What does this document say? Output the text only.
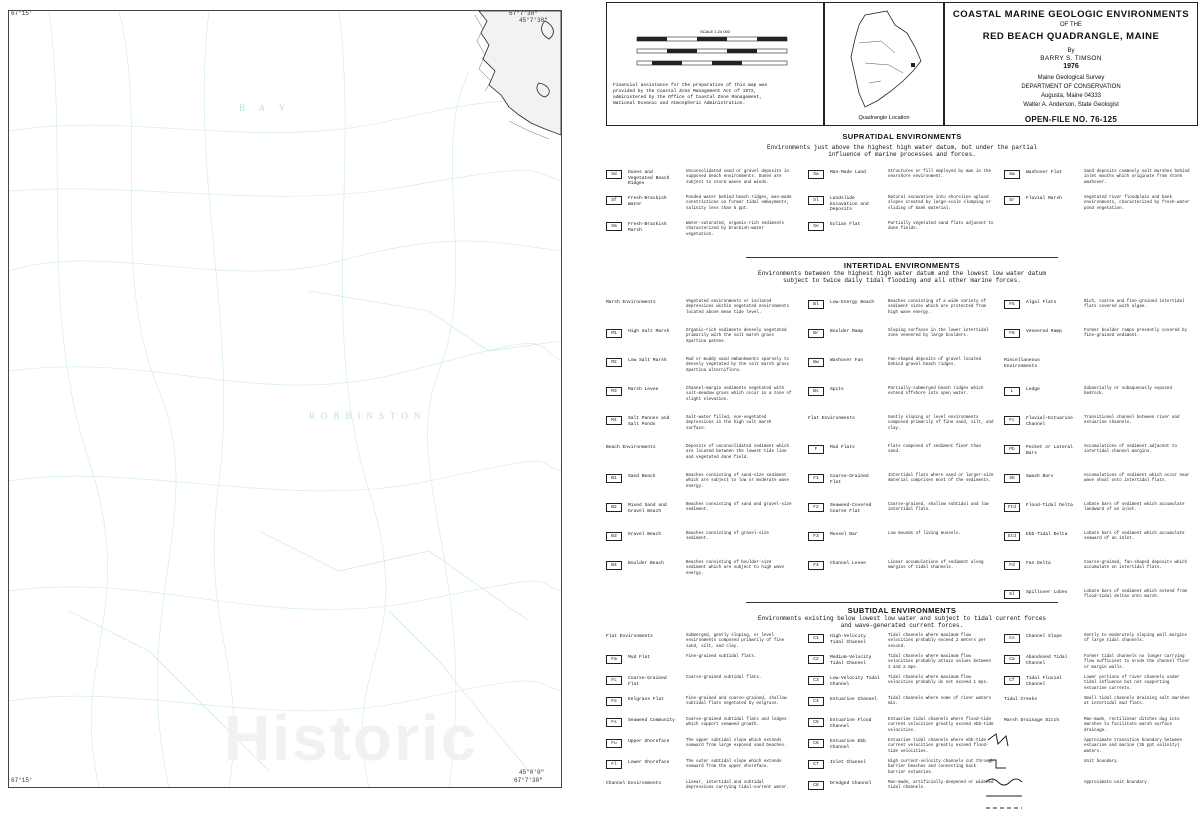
67°15'	67°7'30"
45°7'30"
67°15'
45°0'0"
67°7'30"
B A Y
ROBBINSTON
Historic
SCALE 1:24 000
Financial assistance for the preparation of this map was provided by the Coastal Zone Management Act of 1972, administered by the Office of Coastal Zone Management, National Oceanic and Atmospheric Administration.
Quadrangle Location
COASTAL MARINE GEOLOGIC ENVIRONMENTS
OF THE
RED BEACH QUADRANGLE, MAINE
By
BARRY S. TIMSON
1976
Maine Geological Survey
DEPARTMENT OF CONSERVATION
Augusta, Maine 04333
Walter A. Anderson, State Geologist
OPEN-FILE NO. 76-125
SUPRATIDAL ENVIRONMENTS
Environments just above the highest high water datum, but under the partial influence of marine processes and forces.
Sd	Dunes and Vegetated Beach Ridges
Unconsolidated sand or gravel deposits in supposed beach environments. Dunes are subject to storm waves and winds.
Sf	Fresh-Brackish Water
Ponded water behind beach ridges, man-made constrictions on former tidal embayments, salinity less than 5 ppt.
Sm	Fresh-Brackish Marsh
Water-saturated, organic-rich sediments characterized by brackish-water vegetation.
Sa	Man-Made Land	Structures or fill employed by man in the nearshore environment.
Sl	Landslide Excavation and Deposits
Natural excavation into shoreline upland slopes created by large-scale slumping or sliding of bank material.
Se	Eolian Flat	Partially vegetated sand flats adjacent to dune fields.
Sw	Washover Flat	Sand deposits commonly salt marshes behind inlet mouths which originate from storm washover.
Sr	Fluvial Marsh	Vegetated river floodplain and bank environments, characterized by fresh-water pond vegetation.
INTERTIDAL ENVIRONMENTS
Environments between the highest high water datum and the lowest low water datum subject to twice daily tidal flooding and all other marine forces.
Marsh Environments	Vegetated environments or isolated depressions within vegetated environments located above mean tide level.
M1	High Salt Marsh	Organic-rich sediments densely vegetated primarily with the salt marsh grass Spartina patens.
M2	Low Salt Marsh	Mud or muddy sand embankments sparsely to densely vegetated by the salt marsh grass Spartina alterniflora.
M3	Marsh Levee	Channel-margin sediments vegetated with salt-meadow grass which occur in a zone of slight elevation.
M4	Salt Pannes and Salt Ponds
Salt-water filled, non-vegetated depressions in the high salt marsh surface.
Beach Environments	Deposits of unconsolidated sediment which are located between the lowest tide line and vegetated dune field.
B1	Sand Beach	Beaches consisting of sand-size sediment which are subject to low or moderate wave energy.
B2	Mixed Sand and Gravel Beach
Beaches consisting of sand and gravel-size sediment.
B3	Gravel Beach	Beaches consisting of gravel-size sediment.
B4	Boulder Beach	Beaches consisting of boulder-size sediment which are subject to high wave energy.
Bl	Low-Energy Beach	Beaches consisting of a wide variety of sediment sizes which are protected from high wave energy.
Br	Boulder Ramp	Sloping surfaces in the lower intertidal zone veneered by large boulders.
Bw	Washover Fan	Fan-shaped deposits of gravel located behind gravel beach ridges.
Bs	Spits	Partially-submerged beach ridges which extend offshore into open water.
Flat Environments	Gently sloping or level environments composed primarily of fine sand, silt, and clay.
F	Mud Flats	Flats composed of sediment finer than sand.
F1	Coarse-Grained Flat
Intertidal flats where sand or larger-size material comprises most of the sediments.
F2	Seaweed-Covered Coarse Flat
Coarse-grained, shallow subtidal and low intertidal flats.
F3	Mussel Bar	Low mounds of living mussels.
F4	Channel Levee	Linear accumulations of sediment along margins of tidal channels.
F5	Algal Flats	Rich, coarse and fine-grained intertidal flats covered with algae.
F6	Veneered Ramp	Former boulder ramps presently covered by fine-grained sediment.
Miscellaneous Environments
L	Ledge	Subaerially or subaqueously exposed bedrock.
Fc	Fluvial-Estuarine Channel
Transitional channel between river and estuarine channels.
Pb	Pocket or Lateral Bars
Accumulations of sediment adjacent to intertidal channel margins.
Sb	Swash Bars	Accumulations of sediment which occur near wave shoal onto intertidal flats.
Ftd	Flood-Tidal Delta	Lobate bars of sediment which accumulate landward of an inlet.
Etd	Ebb-Tidal Delta	Lobate bars of sediment which accumulate seaward of an inlet.
Fd	Fan Delta	Coarse-grained, fan-shaped deposits which accumulate on intertidal flats.
Sl	Spillover Lobes	Lobate bars of sediment which extend from flood-tidal deltas onto marsh.
SUBTIDAL ENVIRONMENTS
Environments existing below lowest low water and subject to tidal current forces and wave-generated current forces.
Flat Environments	Submerged, gently sloping, or level environments composed primarily of fine sand, silt, and clay.
Fm	Mud Flat	Fine-grained subtidal flats.
Fc	Coarse-Grained Flat
Coarse-grained subtidal flats.
Fe	Eelgrass Flat	Fine-grained and coarse-grained, shallow subtidal flats vegetated by eelgrass.
Fs	Seaweed Community	Coarse-grained subtidal flats and ledges which support seaweed growth.
Fu	Upper Shoreface	The upper subtidal slope which extends seaward from large exposed sand beaches.
Fl	Lower Shoreface	The outer subtidal slope which extends seaward from the upper shoreface.
Channel Environments	Linear, intertidal and subtidal depressions carrying tidal-current water.
C1	High-Velocity Tidal Channel
Tidal channels where maximum flow velocities probably exceed 2 meters per second.
C2	Medium-Velocity Tidal Channel
Tidal channels where maximum flow velocities probably attain values between 1 and 2 mps.
C3	Low-Velocity Tidal Channel
Tidal channels where maximum flow velocities probably do not exceed 1 mps.
C4	Estuarine Channel	Tidal channels where some of river waters mix.
C5	Estuarine Flood Channel
Estuarine tidal channels where flood-tide current velocities greatly exceed ebb-tide velocities.
C6	Estuarine Ebb Channel
Estuarine tidal channels where ebb-tide current velocities greatly exceed flood-tide velocities.
C7	Inlet Channel	High current-velocity channels cut through barrier beaches and connecting back barrier estuaries.
C8	Dredged Channel	Man-made, artificially-deepened or widened tidal channels.
Cs	Channel Slope	Gently to moderately sloping wall margins of large tidal channels.
Ca	Abandoned Tidal Channel
Former tidal channels no longer carrying flow sufficient to erode the channel floor or margin walls.
Cf	Tidal Fluvial Channel
Lower portions of river channels under tidal influence but not supporting estuarine currents.
Tidal Creeks	Small tidal channels draining salt marshes at intertidal mud flats.
Marsh Drainage Ditch	Man-made, rectilinear ditches dug into marshes to facilitate marsh surface drainage.
Approximate transition boundary between estuarine and marine (35 ppt salinity) waters.
Unit boundary.
Approximate unit boundary.
